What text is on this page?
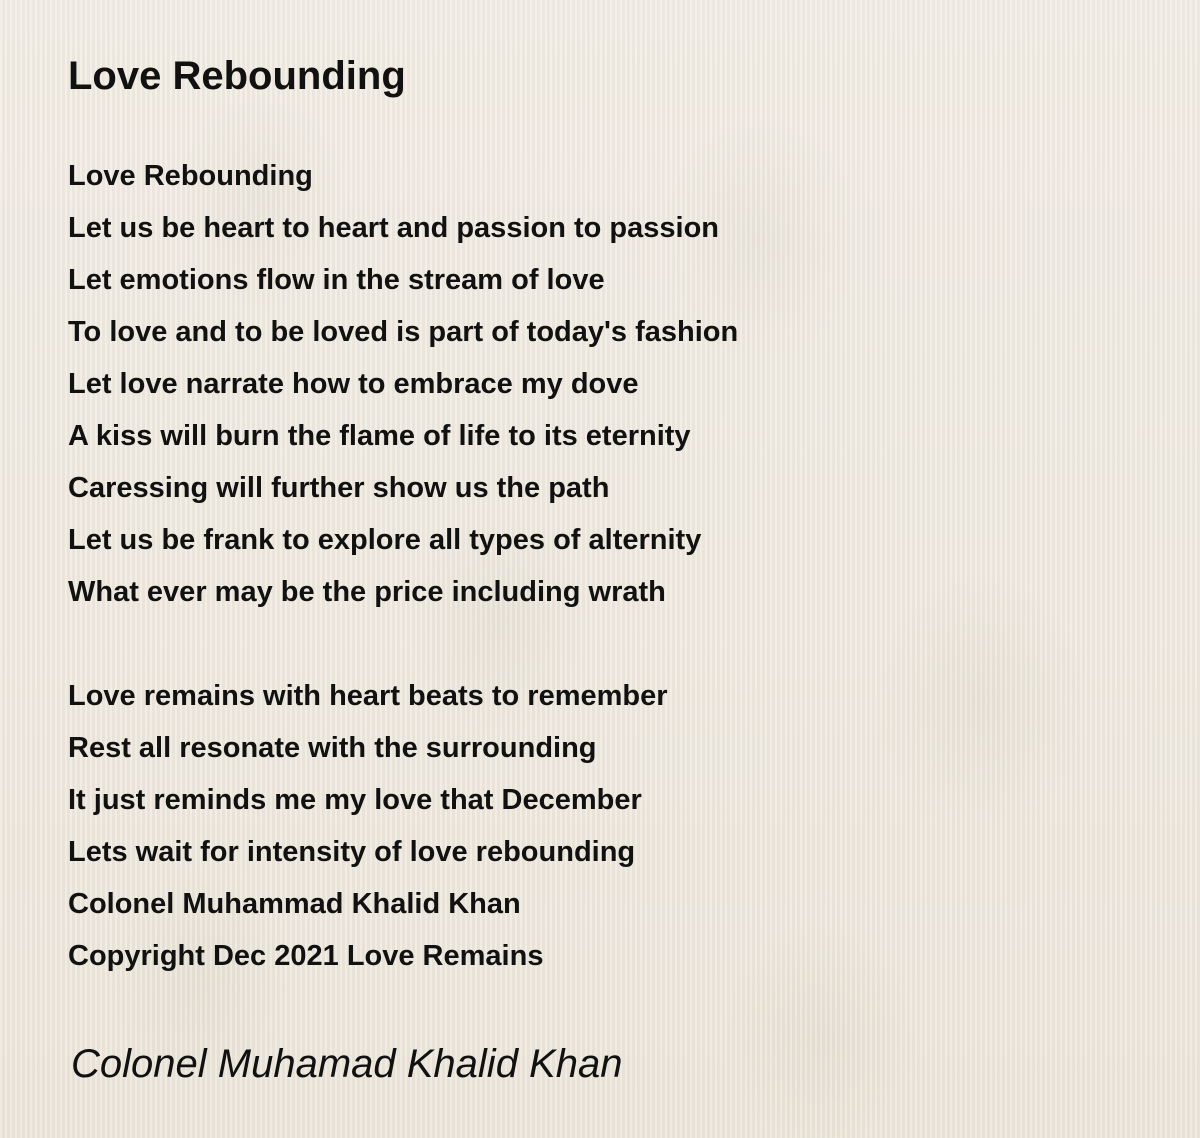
Love Rebounding
Love Rebounding
Let us be heart to heart and passion to passion
Let emotions flow in the stream of love
To love and to be loved is part of today's fashion
Let love narrate how to embrace my dove
A kiss will burn the flame of life to its eternity
Caressing will further show us the path
Let us be frank to explore all types of alternity
What ever may be the price including wrath
Love remains with heart beats to remember
Rest all resonate with the surrounding
It just reminds me my love that December
Lets wait for intensity of love rebounding
Colonel Muhammad Khalid Khan
Copyright Dec 2021 Love Remains
Colonel Muhamad Khalid Khan
